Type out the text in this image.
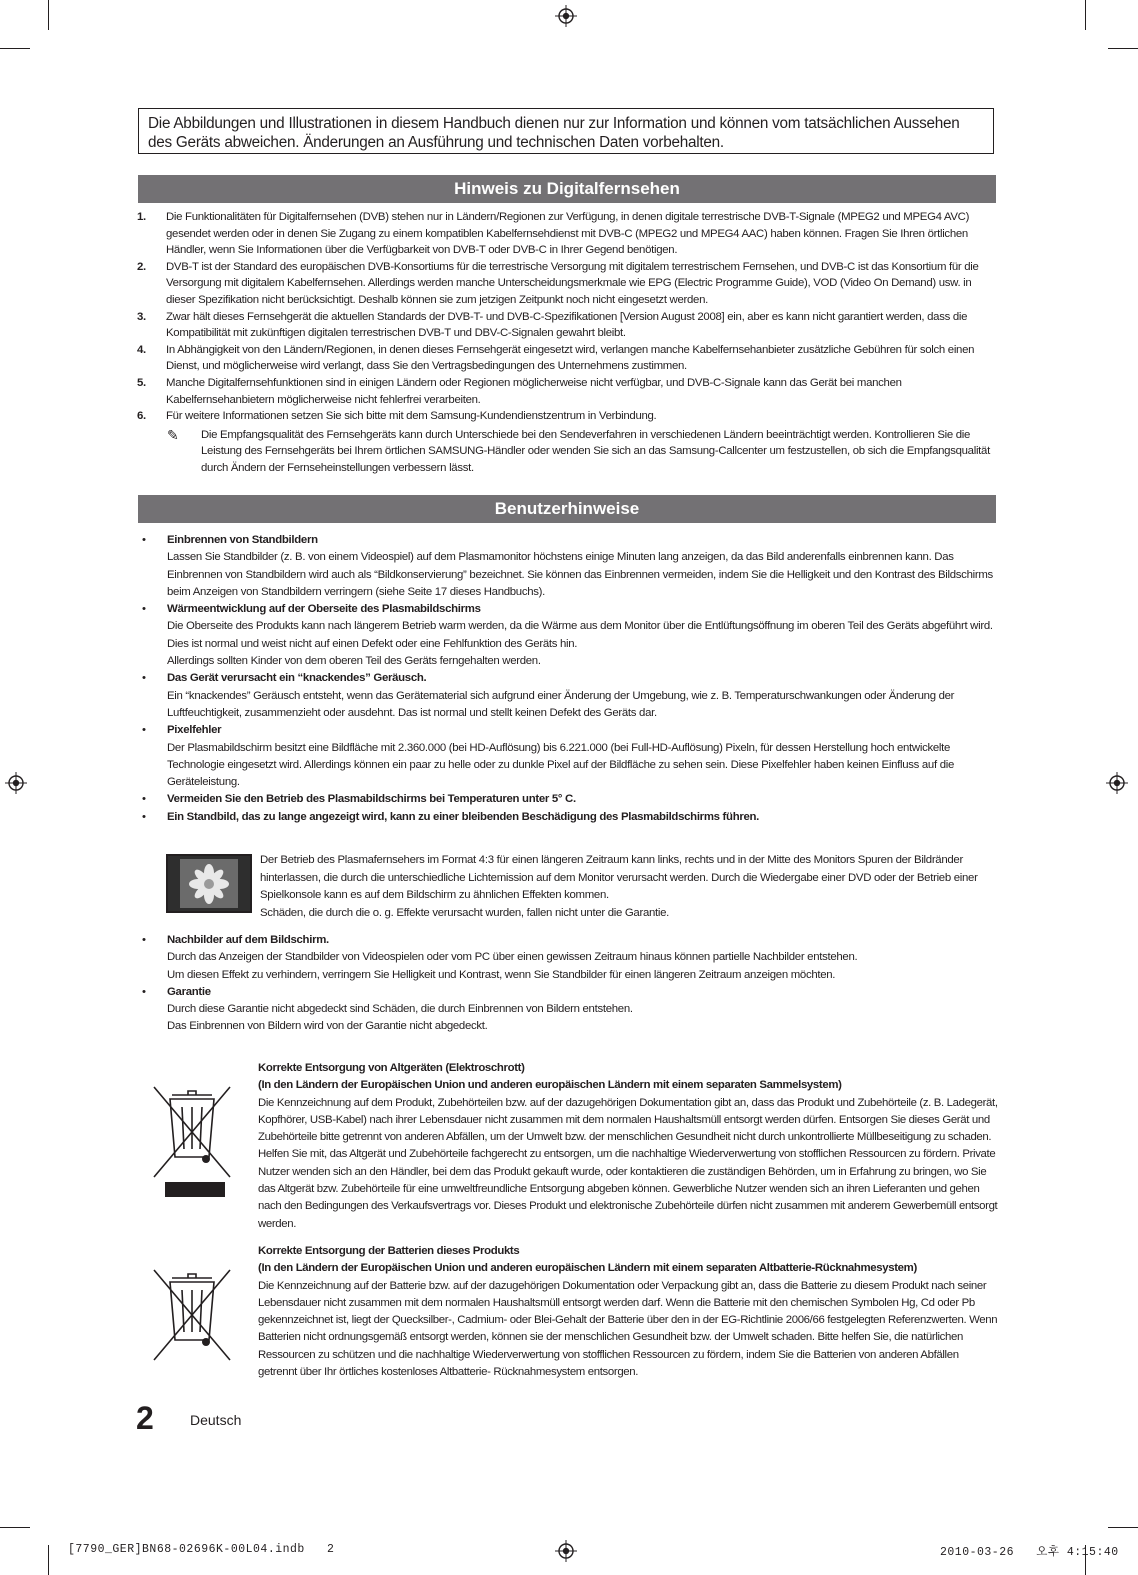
Die Abbildungen und Illustrationen in diesem Handbuch dienen nur zur Information und können vom tatsächlichen Aussehen des Geräts abweichen. Änderungen an Ausführung und technischen Daten vorbehalten.
Hinweis zu Digitalfernsehen
1. Die Funktionalitäten für Digitalfernsehen (DVB) stehen nur in Ländern/Regionen zur Verfügung, in denen digitale terrestrische DVB-T-Signale (MPEG2 und MPEG4 AVC) gesendet werden oder in denen Sie Zugang zu einem kompatiblen Kabelfernsehdienst mit DVB-C (MPEG2 und MPEG4 AAC) haben können. Fragen Sie Ihren örtlichen Händler, wenn Sie Informationen über die Verfügbarkeit von DVB-T oder DVB-C in Ihrer Gegend benötigen.
2. DVB-T ist der Standard des europäischen DVB-Konsortiums für die terrestrische Versorgung mit digitalem terrestrischem Fernsehen, und DVB-C ist das Konsortium für die Versorgung mit digitalem Kabelfernsehen. Allerdings werden manche Unterscheidungsmerkmale wie EPG (Electric Programme Guide), VOD (Video On Demand) usw. in dieser Spezifikation nicht berücksichtigt. Deshalb können sie zum jetzigen Zeitpunkt noch nicht eingesetzt werden.
3. Zwar hält dieses Fernsehgerät die aktuellen Standards der DVB-T- und DVB-C-Spezifikationen [Version August 2008] ein, aber es kann nicht garantiert werden, dass die Kompatibilität mit zukünftigen digitalen terrestrischen DVB-T und DBV-C-Signalen gewahrt bleibt.
4. In Abhängigkeit von den Ländern/Regionen, in denen dieses Fernsehgerät eingesetzt wird, verlangen manche Kabelfernsehanbieter zusätzliche Gebühren für solch einen Dienst, und möglicherweise wird verlangt, dass Sie den Vertragsbedingungen des Unternehmens zustimmen.
5. Manche Digitalfernsehfunktionen sind in einigen Ländern oder Regionen möglicherweise nicht verfügbar, und DVB-C-Signale kann das Gerät bei manchen Kabelfernsehanbietern möglicherweise nicht fehlerfrei verarbeiten.
6. Für weitere Informationen setzen Sie sich bitte mit dem Samsung-Kundendienstzentrum in Verbindung.
✎ Die Empfangsqualität des Fernsehgeräts kann durch Unterschiede bei den Sendeverfahren in verschiedenen Ländern beeinträchtigt werden. Kontrollieren Sie die Leistung des Fernsehgeräts bei Ihrem örtlichen SAMSUNG-Händler oder wenden Sie sich an das Samsung-Callcenter um festzustellen, ob sich die Empfangsqualität durch Ändern der Fernseheinstellungen verbessern lässt.
Benutzerhinweise
• Einbrennen von Standbildern
Lassen Sie Standbilder (z. B. von einem Videospiel) auf dem Plasmamonitor höchstens einige Minuten lang anzeigen, da das Bild anderenfalls einbrennen kann. Das Einbrennen von Standbildern wird auch als “Bildkonservierung” bezeichnet. Sie können das Einbrennen vermeiden, indem Sie die Helligkeit und den Kontrast des Bildschirms beim Anzeigen von Standbildern verringern (siehe Seite 17 dieses Handbuchs).
• Wärmeentwicklung auf der Oberseite des Plasmabildschirms
Die Oberseite des Produkts kann nach längerem Betrieb warm werden, da die Wärme aus dem Monitor über die Entlüftungsöffnung im oberen Teil des Geräts abgeführt wird.
Dies ist normal und weist nicht auf einen Defekt oder eine Fehlfunktion des Geräts hin.
Allerdings sollten Kinder von dem oberen Teil des Geräts ferngehalten werden.
• Das Gerät verursacht ein “knackendes” Geräusch.
Ein “knackendes” Geräusch entsteht, wenn das Gerätematerial sich aufgrund einer Änderung der Umgebung, wie z. B. Temperaturschwankungen oder Änderung der Luftfeuchtigkeit, zusammenzieht oder ausdehnt. Das ist normal und stellt keinen Defekt des Geräts dar.
• Pixelfehler
Der Plasmabildschirm besitzt eine Bildfläche mit 2.360.000 (bei HD-Auflösung) bis 6.221.000 (bei Full-HD-Auflösung) Pixeln, für dessen Herstellung hoch entwickelte Technologie eingesetzt wird. Allerdings können ein paar zu helle oder zu dunkle Pixel auf der Bildfläche zu sehen sein. Diese Pixelfehler haben keinen Einfluss auf die Geräteleistung.
• Vermeiden Sie den Betrieb des Plasmabildschirms bei Temperaturen unter 5° C.
• Ein Standbild, das zu lange angezeigt wird, kann zu einer bleibenden Beschädigung des Plasmabildschirms führen.
Der Betrieb des Plasmafernsehers im Format 4:3 für einen längeren Zeitraum kann links, rechts und in der Mitte des Monitors Spuren der Bildränder hinterlassen, die durch die unterschiedliche Lichtemission auf dem Monitor verursacht werden. Durch die Wiedergabe einer DVD oder der Betrieb einer Spielkonsole kann es auf dem Bildschirm zu ähnlichen Effekten kommen.
Schäden, die durch die o. g. Effekte verursacht wurden, fallen nicht unter die Garantie.
• Nachbilder auf dem Bildschirm.
Durch das Anzeigen der Standbilder von Videospielen oder vom PC über einen gewissen Zeitraum hinaus können partielle Nachbilder entstehen.
Um diesen Effekt zu verhindern, verringern Sie Helligkeit und Kontrast, wenn Sie Standbilder für einen längeren Zeitraum anzeigen möchten.
• Garantie
Durch diese Garantie nicht abgedeckt sind Schäden, die durch Einbrennen von Bildern entstehen.
Das Einbrennen von Bildern wird von der Garantie nicht abgedeckt.
Korrekte Entsorgung von Altgeräten (Elektroschrott)
(In den Ländern der Europäischen Union und anderen europäischen Ländern mit einem separaten Sammelsystem)
Die Kennzeichnung auf dem Produkt, Zubehörteilen bzw. auf der dazugehörigen Dokumentation gibt an, dass das Produkt und Zubehörteile (z. B. Ladegerät, Kopfhörer, USB-Kabel) nach ihrer Lebensdauer nicht zusammen mit dem normalen Haushaltsmüll entsorgt werden dürfen. Entsorgen Sie dieses Gerät und Zubehörteile bitte getrennt von anderen Abfällen, um der Umwelt bzw. der menschlichen Gesundheit nicht durch unkontrollierte Müllbeseitigung zu schaden. Helfen Sie mit, das Altgerät und Zubehörteile fachgerecht zu entsorgen, um die nachhaltige Wiederverwertung von stofflichen Ressourcen zu fördern. Private Nutzer wenden sich an den Händler, bei dem das Produkt gekauft wurde, oder kontaktieren die zuständigen Behörden, um in Erfahrung zu bringen, wo Sie das Altgerät bzw. Zubehörteile für eine umweltfreundliche Entsorgung abgeben können. Gewerbliche Nutzer wenden sich an ihren Lieferanten und gehen nach den Bedingungen des Verkaufsvertrags vor. Dieses Produkt und elektronische Zubehörteile dürfen nicht zusammen mit anderem Gewerbemüll entsorgt werden.
Korrekte Entsorgung der Batterien dieses Produkts
(In den Ländern der Europäischen Union und anderen europäischen Ländern mit einem separaten Altbatterie-Rücknahmesystem)
Die Kennzeichnung auf der Batterie bzw. auf der dazugehörigen Dokumentation oder Verpackung gibt an, dass die Batterie zu diesem Produkt nach seiner Lebensdauer nicht zusammen mit dem normalen Haushaltsmüll entsorgt werden darf. Wenn die Batterie mit den chemischen Symbolen Hg, Cd oder Pb gekennzeichnet ist, liegt der Quecksilber-, Cadmium- oder Blei-Gehalt der Batterie über den in der EG-Richtlinie 2006/66 festgelegten Referenzwerten. Wenn Batterien nicht ordnungsgemäß entsorgt werden, können sie der menschlichen Gesundheit bzw. der Umwelt schaden. Bitte helfen Sie, die natürlichen Ressourcen zu schützen und die nachhaltige Wiederverwertung von stofflichen Ressourcen zu fördern, indem Sie die Batterien von anderen Abfällen getrennt über Ihr örtliches kostenloses Altbatterie- Rücknahmesystem entsorgen.
2	Deutsch
[7790_GER]BN68-02696K-00L04.indb   2	2010-03-26   오후 4:15:40
